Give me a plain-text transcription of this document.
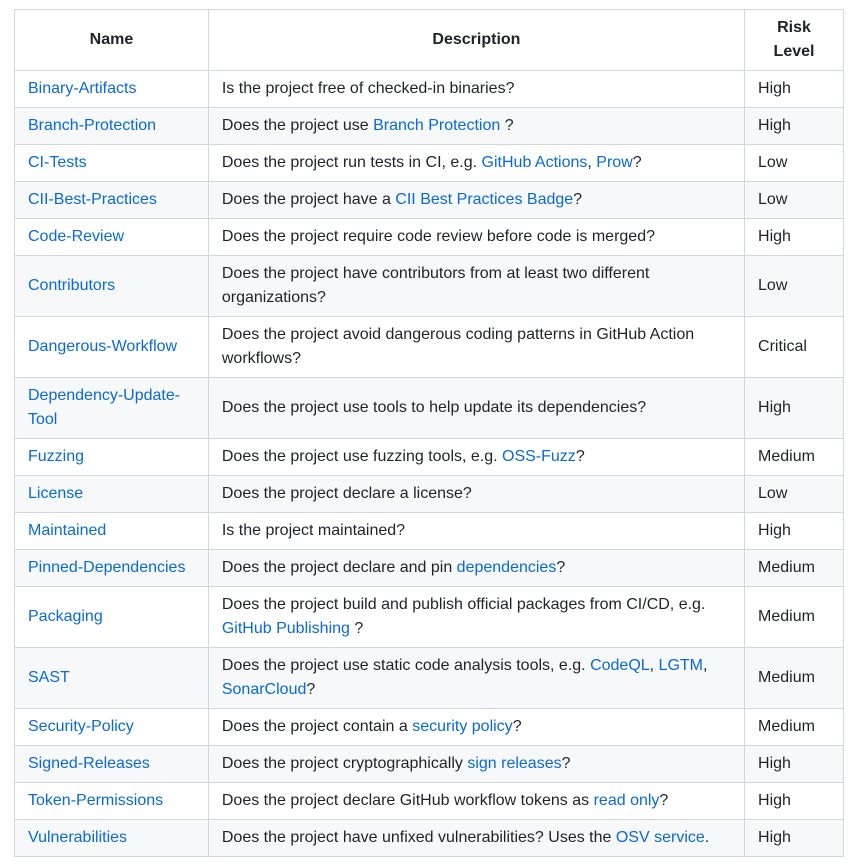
Name	Description	Risk Level
Binary-Artifacts	Is the project free of checked-in binaries?	High
Branch-Protection	Does the project use Branch Protection ?	High
CI-Tests	Does the project run tests in CI, e.g. GitHub Actions, Prow?	Low
CII-Best-Practices	Does the project have a CII Best Practices Badge?	Low
Code-Review	Does the project require code review before code is merged?	High
Contributors	Does the project have contributors from at least two different organizations?	Low
Dangerous-Workflow	Does the project avoid dangerous coding patterns in GitHub Action workflows?	Critical
Dependency-Update-Tool	Does the project use tools to help update its dependencies?	High
Fuzzing	Does the project use fuzzing tools, e.g. OSS-Fuzz?	Medium
License	Does the project declare a license?	Low
Maintained	Is the project maintained?	High
Pinned-Dependencies	Does the project declare and pin dependencies?	Medium
Packaging	Does the project build and publish official packages from CI/CD, e.g. GitHub Publishing ?	Medium
SAST	Does the project use static code analysis tools, e.g. CodeQL, LGTM, SonarCloud?	Medium
Security-Policy	Does the project contain a security policy?	Medium
Signed-Releases	Does the project cryptographically sign releases?	High
Token-Permissions	Does the project declare GitHub workflow tokens as read only?	High
Vulnerabilities	Does the project have unfixed vulnerabilities? Uses the OSV service.	High
